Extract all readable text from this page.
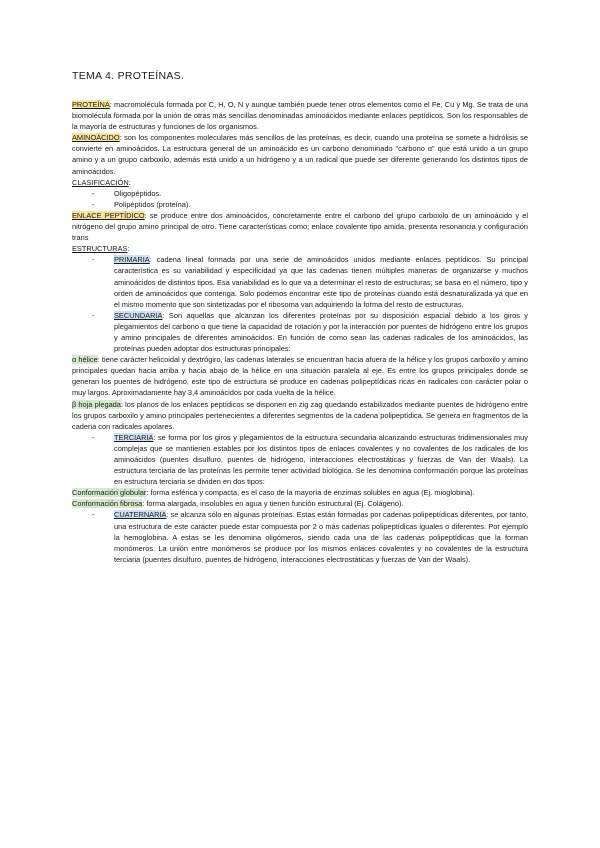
TEMA 4. PROTEÍNAS.

PROTEÍNA: macromolécula formada por C, H, O, N y aunque también puede tener otros elementos como el Fe, Cu y Mg. Se trata de una biomolécula formada por la unión de otras más sencillas denominadas aminoácidos mediante enlaces peptídicos. Son los responsables de la mayoría de estructuras y funciones de los organismos.

AMINOÁCIDO: son los componentes moleculares más sencillos de las proteínas, es decir, cuando una proteína se somete a hidrólisis se convierte en aminoácidos. La estructura general de un aminoácido es un carbono denominado "carbono α" que está unido a un grupo amino y a un grupo carboxilo, además está unido a un hidrógeno y a un radical que puede ser diferente generando los distintos tipos de aminoácidos.

CLASIFICACIÓN:

- Oligopéptidos.
- Polipéptidos (proteína).

ENLACE PEPTÍDICO: se produce entre dos aminoácidos, concretamente entre el carbono del grupo carboxilo de un aminoácido y el nitrógeno del grupo amino principal de otro. Tiene características como; enlace covalente tipo amida, presenta resonancia y configuración trans

ESTRUCTURAS:

- PRIMARIA: cadena lineal formada por una serie de aminoácidos unidos mediante enlaces peptídicos. Su principal característica es su variabilidad y especificidad ya que las cadenas tienen múltiples maneras de organizarse y muchos aminoácidos de distintos tipos. Esa variabilidad es lo que va a determinar el resto de estructuras; se basa en el número, tipo y orden de aminoácidos que contenga. Solo podemos encontrar este tipo de proteínas cuando está desnaturalizada ya que en el mismo momento que son sintetizadas por el ribosoma van adquiriendo la forma del resto de estructuras.
- SECUNDARIA: Son aquellas que alcanzan los diferentes proteínas por su disposición espacial debido a los giros y plegamientos del carbono α que tiene la capacidad de rotación y por la interacción por puentes de hidrógeno entre los grupos y amino principales de diferentes aminoácidos. En función de como sean las cadenas radicales de los aminoácidos, las proteínas pueden adoptar dos estructuras principales:

α hélice: tiene carácter helicoidal y dextrógiro, las cadenas laterales se encuentran hacia afuera de la hélice y los grupos carboxilo y amino principales quedan hacia arriba y hacia abajo de la hélice en una situación paralela al eje. Es entre los grupos principales donde se generan los puentes de hidrógeno, este tipo de estructura se produce en cadenas polipeptídicas ricas en radicales con carácter polar o muy largos. Aproximadamente hay 3,4 aminoácidos por cada vuelta de la hélice.

β hoja plegada: los planos de los enlaces peptídicos se disponen en zig zag quedando estabilizados mediante puentes de hidrógeno entre los grupos carboxilo y amino principales pertenecientes a diferentes segmentos de la cadena polipeptídica. Se genera en fragmentos de la cadena con radicales apolares.

- TERCIARIA: se forma por los giros y plegamientos de la estructura secundaria alcanzando estructuras tridimensionales muy complejas que se mantienen estables por los distintos tipos de enlaces covalentes y no covalentes de los radicales de los aminoácidos (puentes disulfuro, puentes de hidrógeno, interacciones electrostáticas y fuerzas de Van der Waals). La estructura terciaria de las proteínas les permite tener actividad biológica. Se les denomina conformación porque las proteínas en estructura terciaria se dividen en dos tipos:

Conformación globular: forma esférica y compacta, es el caso de la mayoría de enzimas solubles en agua (Ej. mioglobina).

Conformación fibrosa: forma alargada, insolubles en agua y tienen función estructural (Ej. Colágeno).

- CUATERNARIA: se alcanza sólo en algunas proteínas. Estas están formadas por cadenas polipeptídicas diferentes, por tanto, una estructura de este carácter puede estar compuesta por 2 o más cadenas polipeptídicas iguales o diferentes. Por ejemplo la hemoglobina. A estas se les denomina oligómeros, siendo cada una de las cadenas polipeptídicas que la forman monómeros. La unión entre monómeros se produce por los mismos enlaces covalentes y no covalentes de la estructura terciaria (puentes disulfuro, puentes de hidrógeno, interacciones electrostáticas y fuerzas de Van der Waals).
